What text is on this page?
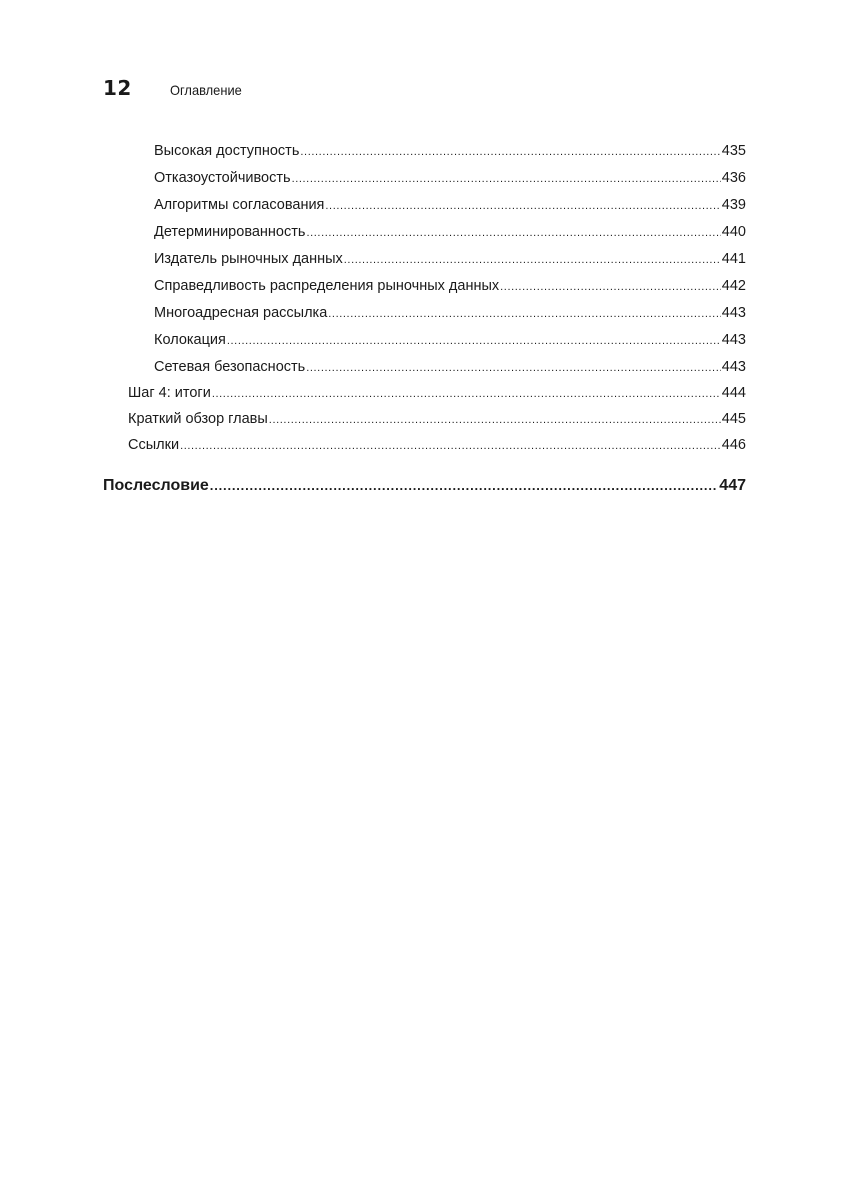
12	Оглавление
Высокая доступность .....	435
Отказоустойчивость .....	436
Алгоритмы согласования .....	439
Детерминированность .....	440
Издатель рыночных данных .....	441
Справедливость распределения рыночных данных .....	442
Многоадресная рассылка .....	443
Колокация .....	443
Сетевая безопасность .....	443
Шаг 4: итоги .....	444
Краткий обзор главы .....	445
Ссылки .....	446
Послесловие .....	447
